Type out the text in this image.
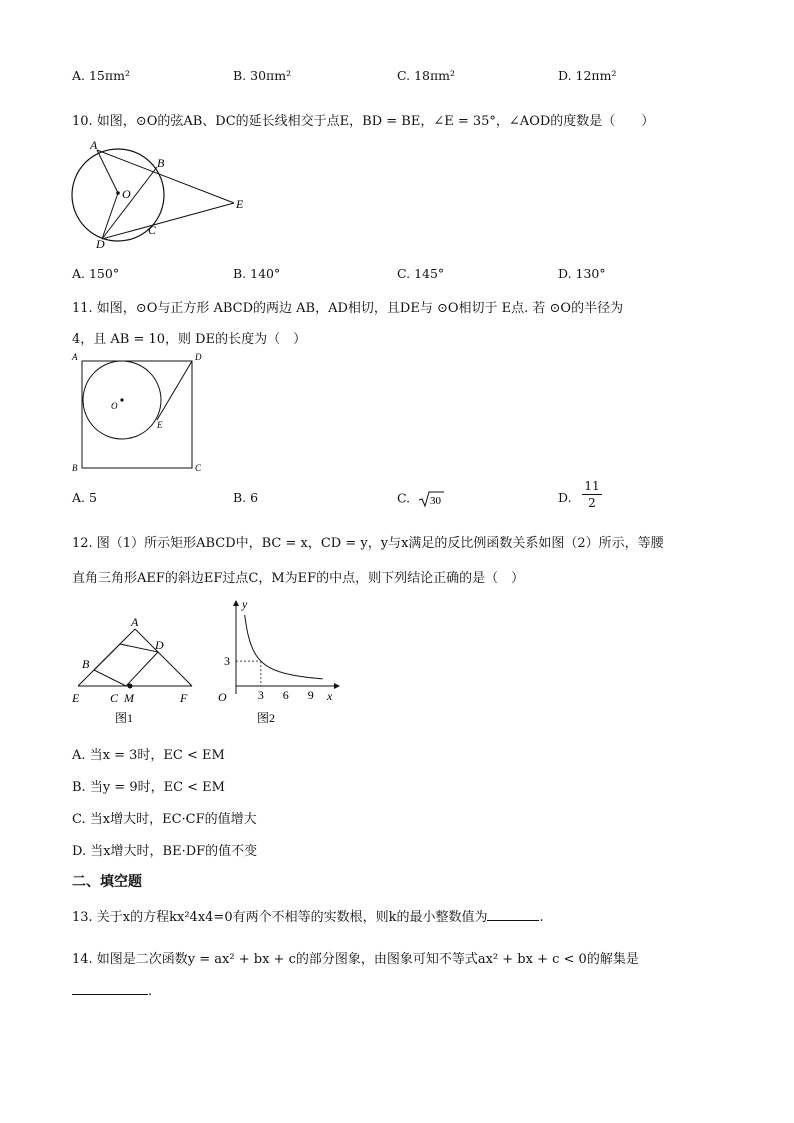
A. 15πm²	B. 30πm²	C. 18πm²	D. 12πm²
10. 如图，⊙O的弦AB、DC的延长线相交于点E，BD = BE，∠E = 35°，∠AOD的度数是（　　）
A
B
O
E
D
C
A. 150°	B. 140°	C. 145°	D. 130°
11. 如图，⊙O与正方形 ABCD的两边 AB，AD相切，且DE与 ⊙O相切于 E点. 若 ⊙O的半径为
4，且 AB = 10，则 DE的长度为（　）
A	D
O
E
B	C
A. 5	B. 6	C. 30	D.
11
2
12. 图（1）所示矩形ABCD中，BC = x，CD = y，y与x满足的反比例函数关系如图（2）所示，等腰
直角三角形AEF的斜边EF过点C，M为EF的中点，则下列结论正确的是（　）
A
B
D
E	C M	F
图1
y
x
O
3
3 6 9
图2
A. 当x = 3时，EC < EM
B. 当y = 9时，EC < EM
C. 当x增大时，EC·CF的值增大
D. 当x增大时，BE·DF的值不变
二、填空题
13. 关于x的方程kx²4x4=0有两个不相等的实数根，则k的最小整数值为	.
14. 如图是二次函数y = ax² + bx + c的部分图象，由图象可知不等式ax² + bx + c < 0的解集是
.
